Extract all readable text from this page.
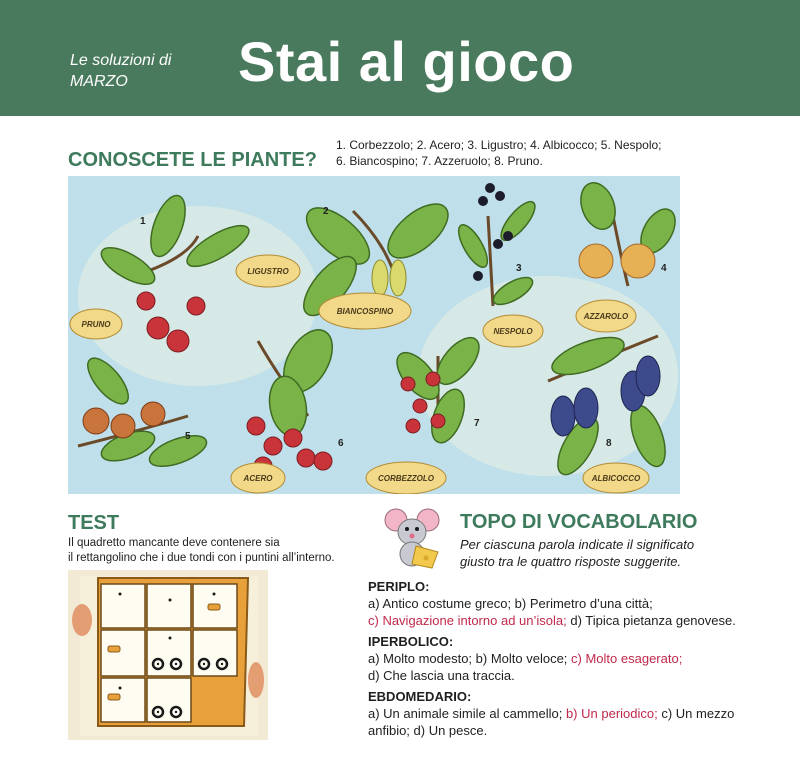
Le soluzioni di
MARZO	Stai al gioco
CONOSCETE LE PIANTE?
1. Corbezzolo; 2. Acero; 3. Ligustro; 4. Albicocco; 5. Nespolo;
6. Biancospino; 7. Azzeruolo; 8. Pruno.
LIGUSTRO
PRUNO
BIANCOSPINO
NESPOLO
AZZAROLO
ACERO	CORBEZZOLO	ALBICOCCO
1
2
3	4
5
6
7
8
TEST
Il quadretto mancante deve contenere sia
il rettangolino che i due tondi con i puntini all’interno.
TOPO DI VOCABOLARIO
Per ciascuna parola indicate il significato
giusto tra le quattro risposte suggerite.
PERIPLO:
a) Antico costume greco; b) Perimetro d’una città;
c) Navigazione intorno ad un’isola; d) Tipica pietanza genovese.
IPERBOLICO:
a) Molto modesto; b) Molto veloce; c) Molto esagerato;
d) Che lascia una traccia.
EBDOMEDARIO:
a) Un animale simile al cammello; b) Un periodico; c) Un mezzo
anfibio; d) Un pesce.
